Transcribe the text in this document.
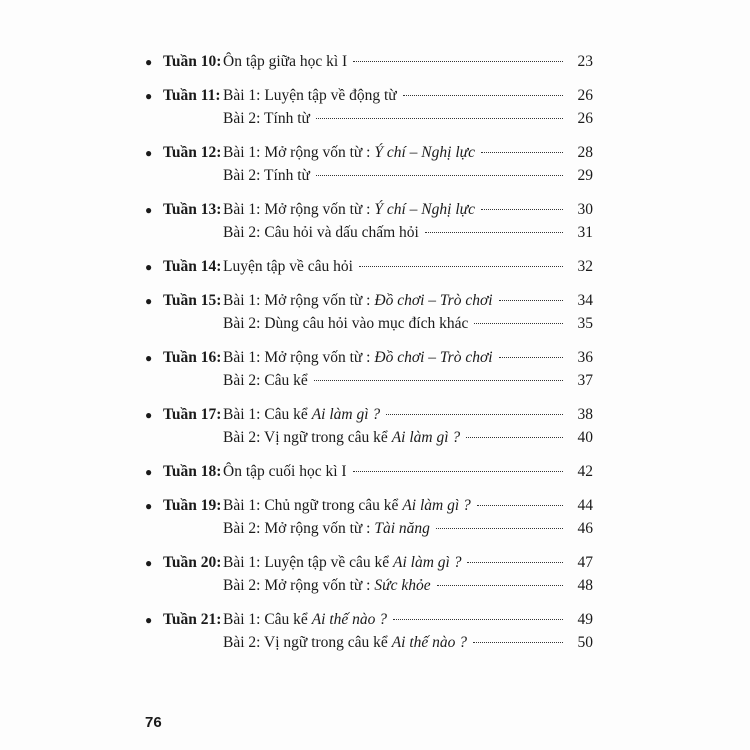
● Tuần 10: Ôn tập giữa học kì I	23
● Tuần 11: Bài 1: Luyện tập về động từ	26
Bài 2: Tính từ	26
● Tuần 12: Bài 1: Mở rộng vốn từ : Ý chí – Nghị lực	28
Bài 2: Tính từ	29
● Tuần 13: Bài 1: Mở rộng vốn từ : Ý chí – Nghị lực	30
Bài 2: Câu hỏi và dấu chấm hỏi	31
● Tuần 14: Luyện tập về câu hỏi	32
● Tuần 15: Bài 1: Mở rộng vốn từ : Đồ chơi – Trò chơi	34
Bài 2: Dùng câu hỏi vào mục đích khác	35
● Tuần 16: Bài 1: Mở rộng vốn từ : Đồ chơi – Trò chơi	36
Bài 2: Câu kể	37
● Tuần 17: Bài 1: Câu kể Ai làm gì ?	38
Bài 2: Vị ngữ trong câu kể Ai làm gì ?	40
● Tuần 18: Ôn tập cuối học kì I	42
● Tuần 19: Bài 1: Chủ ngữ trong câu kể Ai làm gì ?	44
Bài 2: Mở rộng vốn từ : Tài năng	46
● Tuần 20: Bài 1: Luyện tập về câu kể Ai làm gì ?	47
Bài 2: Mở rộng vốn từ : Sức khỏe	48
● Tuần 21: Bài 1: Câu kể Ai thế nào ?	49
Bài 2: Vị ngữ trong câu kể Ai thế nào ?	50
76
